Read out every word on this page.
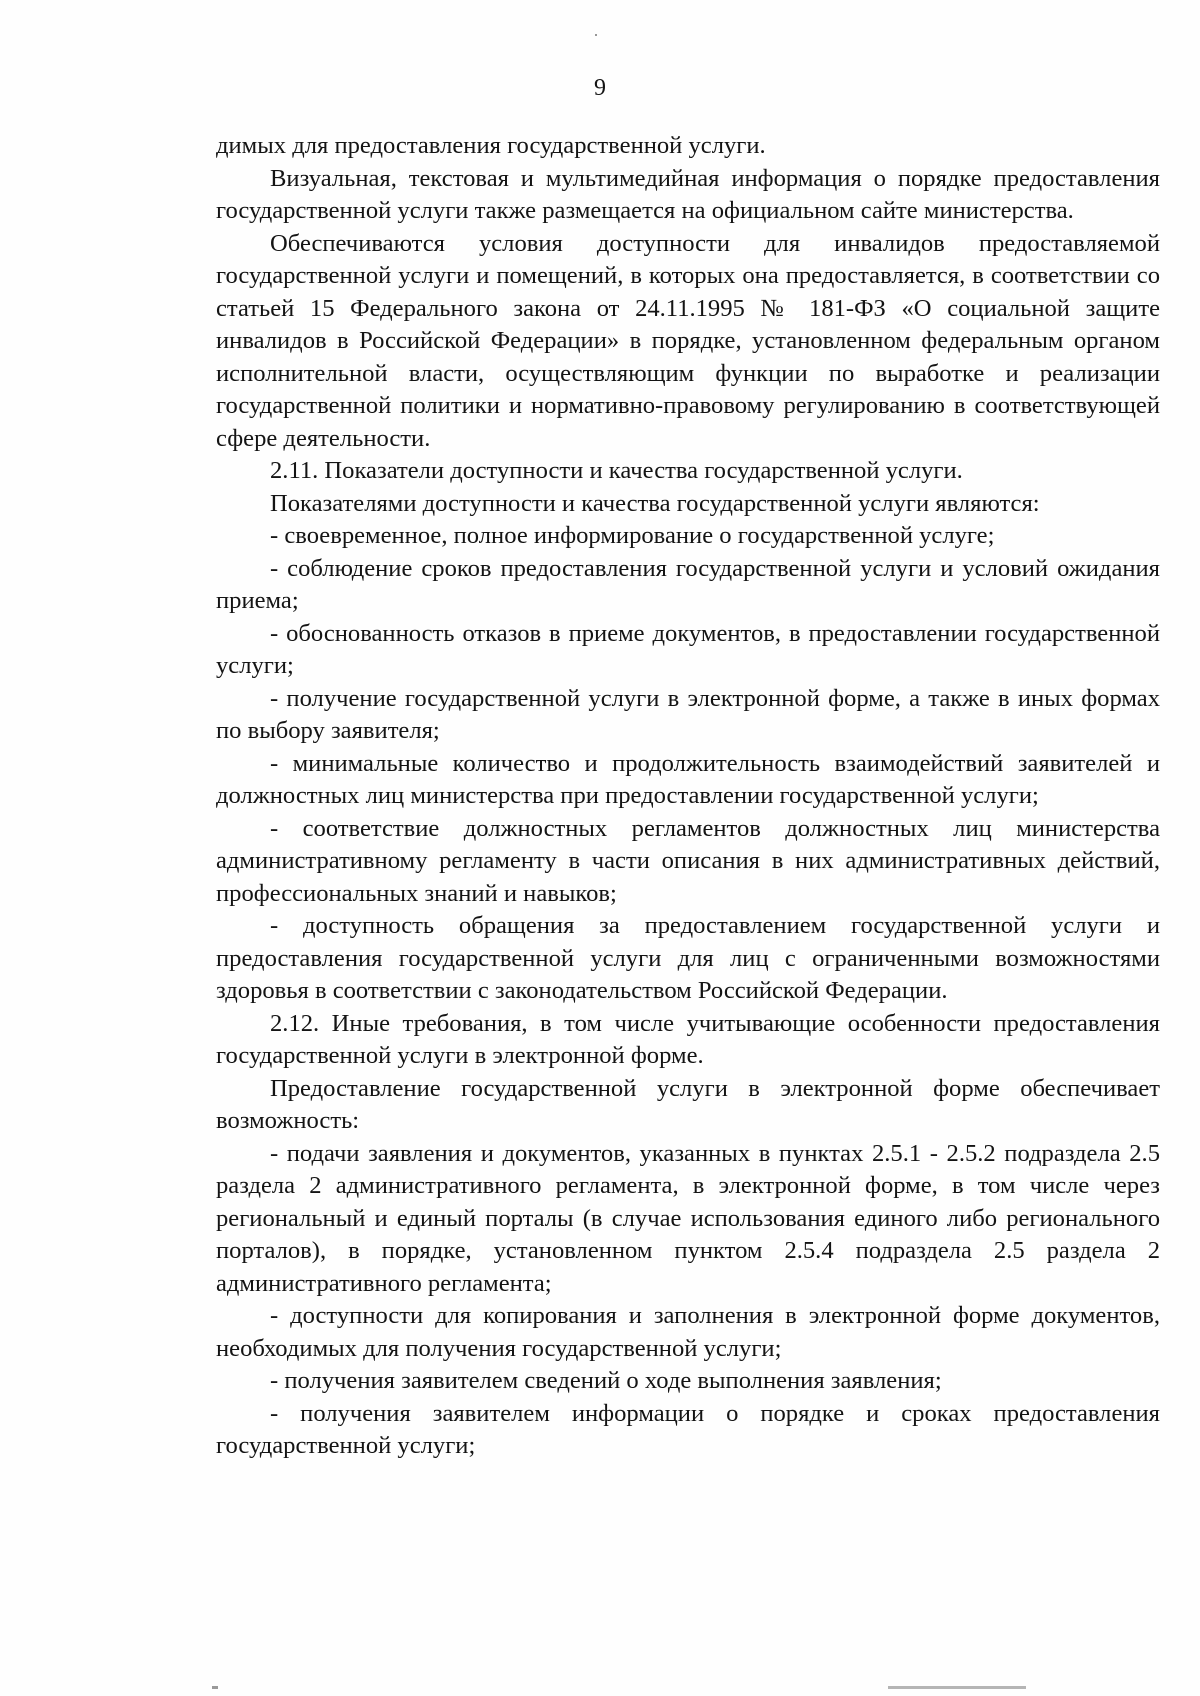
9

димых для предоставления государственной услуги.

Визуальная, текстовая и мультимедийная информация о порядке предоставления государственной услуги также размещается на официальном сайте министерства.

Обеспечиваются условия доступности для инвалидов предоставляемой государственной услуги и помещений, в которых она предоставляется, в соответствии со статьей 15 Федерального закона от 24.11.1995 № 181-ФЗ «О социальной защите инвалидов в Российской Федерации» в порядке, установленном федеральным органом исполнительной власти, осуществляющим функции по выработке и реализации государственной политики и нормативно-правовому регулированию в соответствующей сфере деятельности.

2.11. Показатели доступности и качества государственной услуги.

Показателями доступности и качества государственной услуги являются:

- своевременное, полное информирование о государственной услуге;

- соблюдение сроков предоставления государственной услуги и условий ожидания приема;

- обоснованность отказов в приеме документов, в предоставлении государственной услуги;

- получение государственной услуги в электронной форме, а также в иных формах по выбору заявителя;

- минимальные количество и продолжительность взаимодействий заявителей и должностных лиц министерства при предоставлении государственной услуги;

- соответствие должностных регламентов должностных лиц министерства административному регламенту в части описания в них административных действий, профессиональных знаний и навыков;

- доступность обращения за предоставлением государственной услуги и предоставления государственной услуги для лиц с ограниченными возможностями здоровья в соответствии с законодательством Российской Федерации.

2.12. Иные требования, в том числе учитывающие особенности предоставления государственной услуги в электронной форме.

Предоставление государственной услуги в электронной форме обеспечивает возможность:

- подачи заявления и документов, указанных в пунктах 2.5.1 - 2.5.2 подраздела 2.5 раздела 2 административного регламента, в электронной форме, в том числе через региональный и единый порталы (в случае использования единого либо регионального порталов), в порядке, установленном пунктом 2.5.4 подраздела 2.5 раздела 2 административного регламента;

- доступности для копирования и заполнения в электронной форме документов, необходимых для получения государственной услуги;

- получения заявителем сведений о ходе выполнения заявления;

- получения заявителем информации о порядке и сроках предоставления государственной услуги;
